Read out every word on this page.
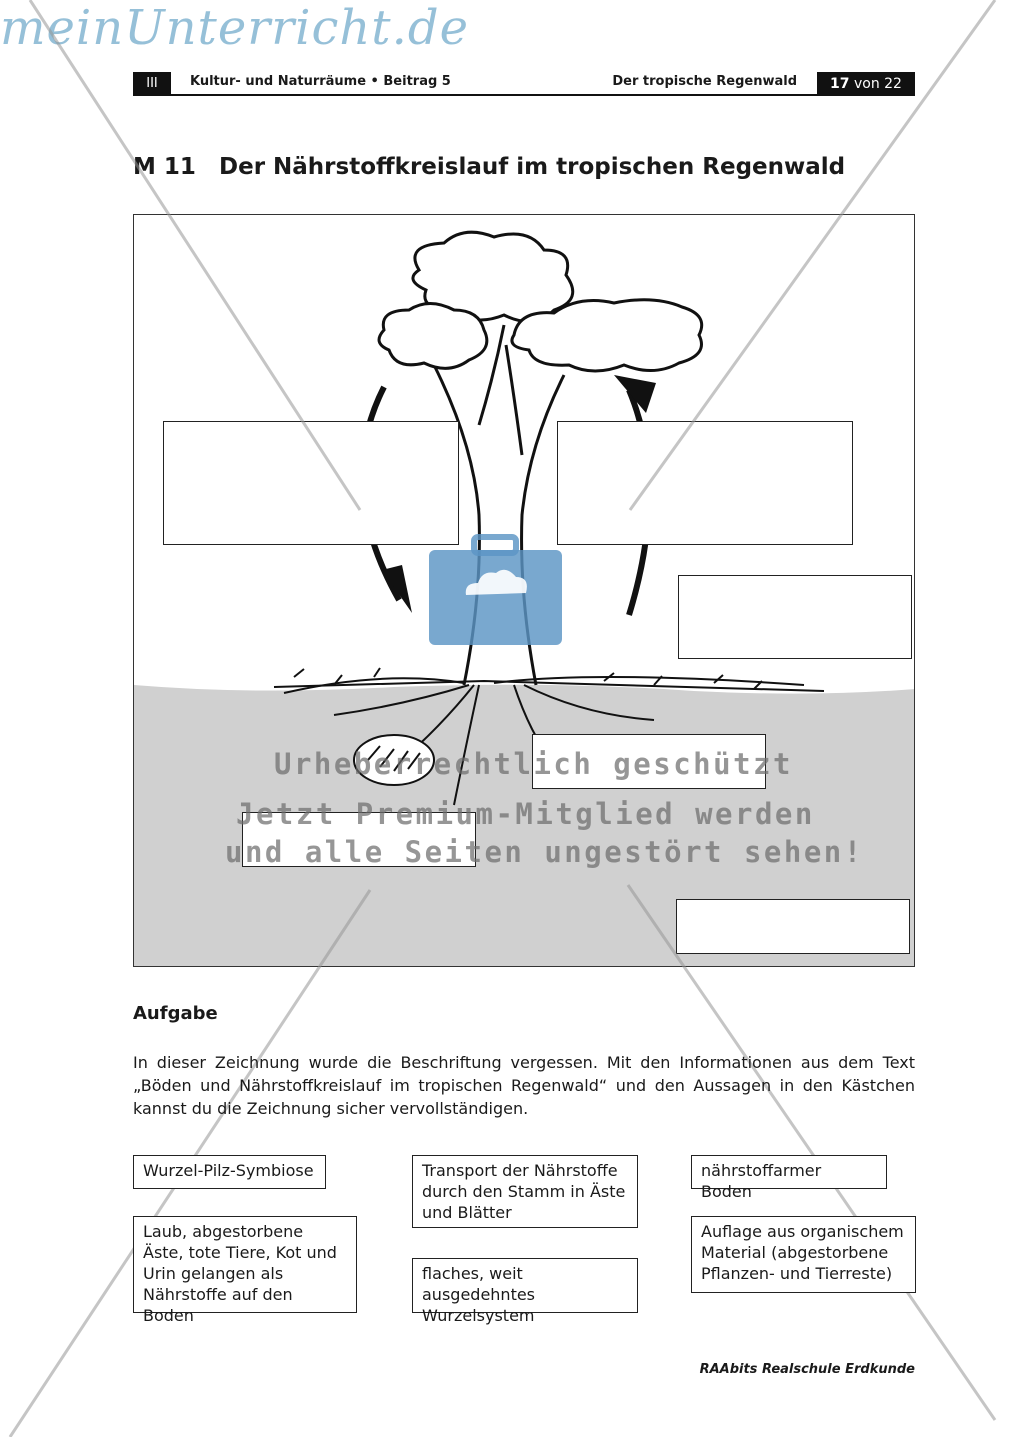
III	Kultur- und Naturräume • Beitrag 5	Der tropische Regenwald	17 von 22
M 11 Der Nährstoffkreislauf im tropischen Regenwald
meinUnterricht.de
Urheberrechtlich geschützt
Jetzt Premium-Mitglied werden
und alle Seiten ungestört sehen!
Aufgabe
In dieser Zeichnung wurde die Beschriftung vergessen. Mit den Informationen aus dem Text „Böden und Nährstoffkreislauf im tropischen Regenwald“ und den Aussagen in den Kästchen kannst du die Zeichnung sicher vervollständigen.
Wurzel-Pilz-Symbiose
Laub, abgestorbene Äste, tote Tiere, Kot und Urin gelangen als Nährstoffe auf den Boden
Transport der Nährstoffe durch den Stamm in Äste und Blätter
flaches, weit ausgedehntes Wurzelsystem
nährstoffarmer Boden
Auflage aus organischem Material (abgestorbene Pflanzen- und Tierreste)
RAAbits Realschule Erdkunde
